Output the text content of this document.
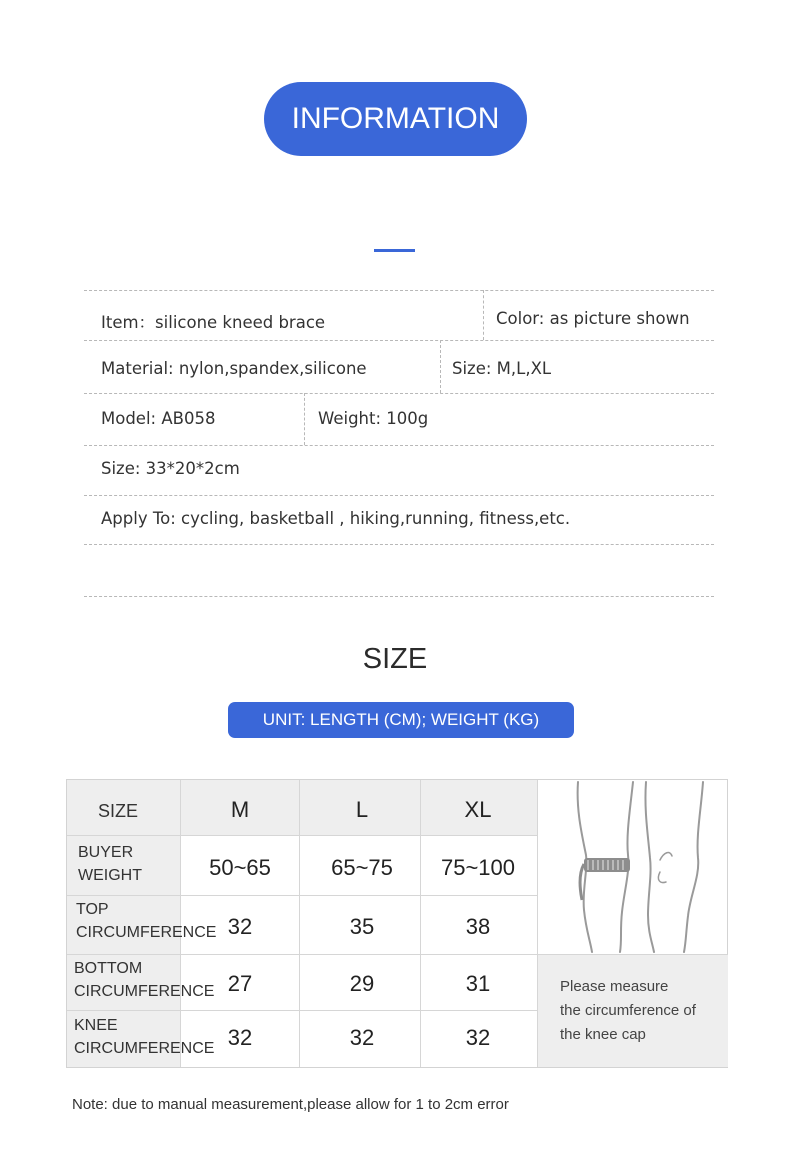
INFORMATION
Item：silicone kneed brace	Color: as picture shown
Material: nylon,spandex,silicone	Size: M,L,XL
Model: AB058	Weight: 100g
Size: 33*20*2cm
Apply To: cycling, basketball , hiking,running, fitness,etc.
SIZE
UNIT: LENGTH (CM); WEIGHT (KG)
SIZE	M	L	XL
BUYER
WEIGHT	50~65	65~75	75~100
TOP
CIRCUMFERENCE 32	35	38
BOTTOM
CIRCUMFERENCE 27	29	31
KNEE
CIRCUMFERENCE 32	32	32
Please measure
the circumference of
the knee cap
Note: due to manual measurement,please allow for 1 to 2cm error
